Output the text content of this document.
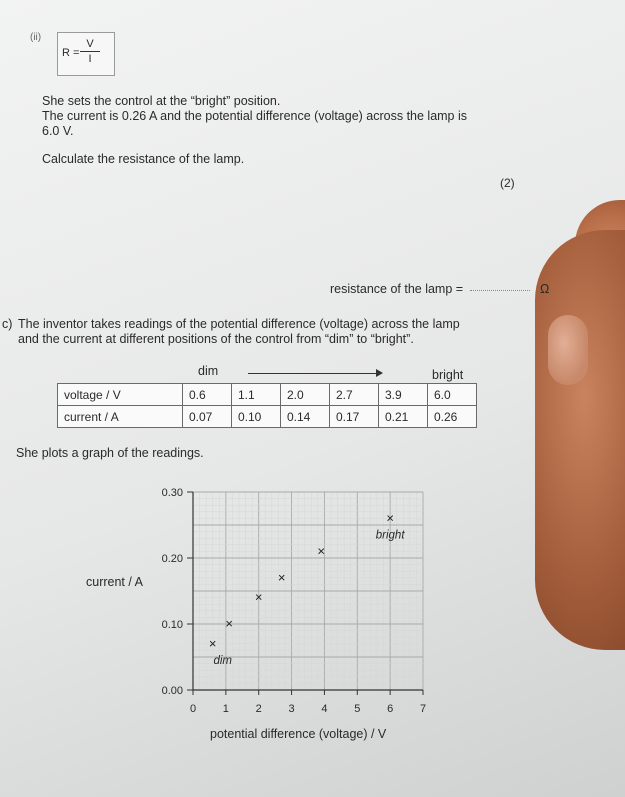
(ii)
R =
V
I
She sets the control at the “bright” position.
The current is 0.26 A and the potential difference (voltage) across the lamp is
6.0 V.
Calculate the resistance of the lamp.
(2)
resistance of the lamp =	Ω
c) The inventor takes readings of the potential difference (voltage) across the lamp
and the current at different positions of the control from “dim” to “bright”.
dim	bright
voltage / V	0.6	1.1	2.0	2.7	3.9	6.0
current / A	0.07	0.10	0.14	0.17	0.21	0.26
She plots a graph of the readings.
0 1 2 3 4 5 6 7
0.00
0.10
0.20
0.30
×
×
×
×
×
×
dim
bright
current / A
potential difference (voltage) / V
